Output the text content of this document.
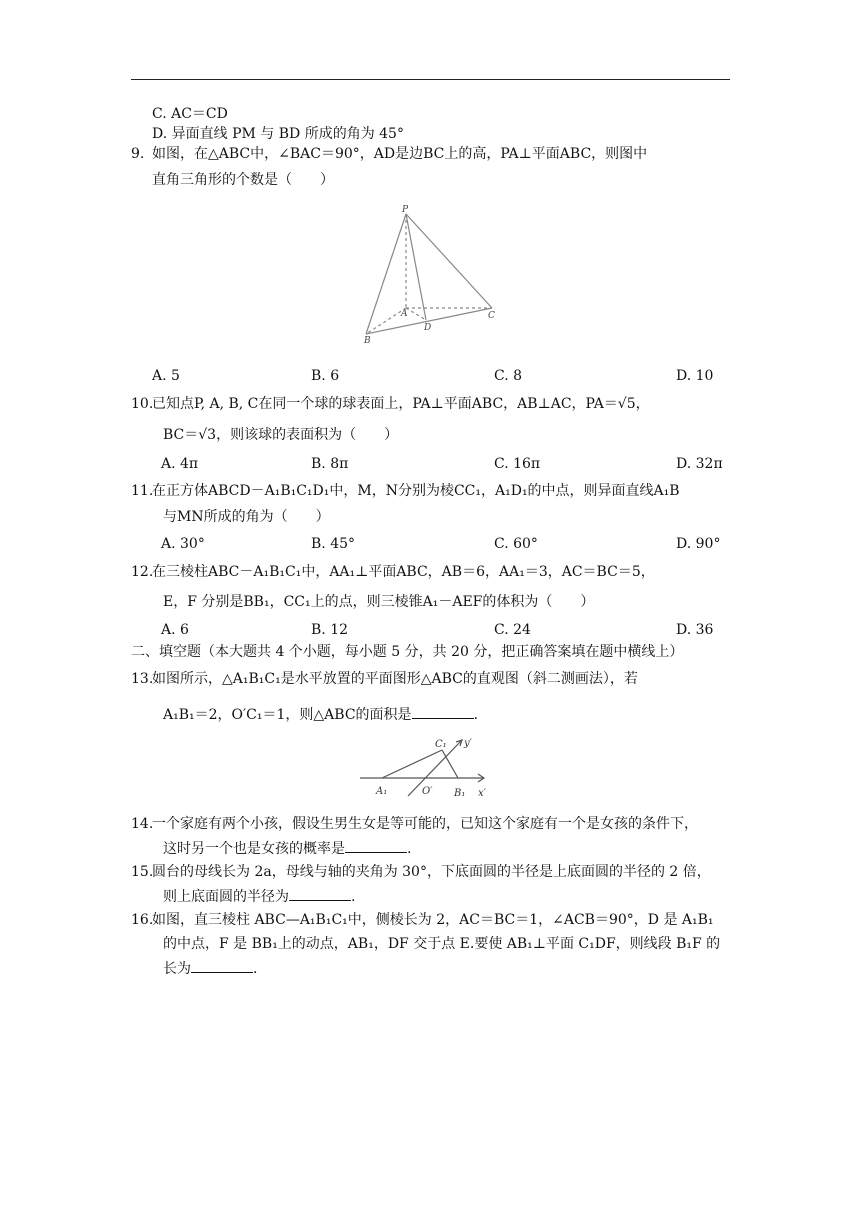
C. AC＝CD
D. 异面直线 PM 与 BD 所成的角为 45°
9. 如图，在△ABC中，∠BAC＝90°，AD是边BC上的高，PA⊥平面ABC，则图中
直角三角形的个数是（　　）
P
A
B
D
C
A. 5	B. 6	C. 8	D. 10
10.
已知点P, A, B, C在同一个球的球表面上，PA⊥平面ABC，AB⊥AC，PA＝√5，
BC＝√3，则该球的表面积为（　　）
A. 4π	B. 8π	C. 16π	D. 32π
11.
在正方体ABCD－A₁B₁C₁D₁中，M，N分别为棱CC₁，A₁D₁的中点，则异面直线A₁B
与MN所成的角为（　　）
A. 30°	B. 45°	C. 60°	D. 90°
12.
在三棱柱ABC－A₁B₁C₁中，AA₁⊥平面ABC，AB＝6，AA₁＝3，AC＝BC＝5，
E，F 分别是BB₁，CC₁上的点，则三棱锥A₁－AEF的体积为（　　）
A. 6	B. 12	C. 24	D. 36
二、填空题（本大题共 4 个小题，每小题 5 分，共 20 分，把正确答案填在题中横线上）
13.
如图所示，△A₁B₁C₁是水平放置的平面图形△ABC的直观图（斜二测画法），若
A₁B₁＝2，O′C₁＝1，则△ABC的面积是	.
C₁ y′
A₁	O′ B₁ x′
14.
一个家庭有两个小孩，假设生男生女是等可能的，已知这个家庭有一个是女孩的条件下，
这时另一个也是女孩的概率是	.
15.
圆台的母线长为 2a，母线与轴的夹角为 30°，下底面圆的半径是上底面圆的半径的 2 倍，
则上底面圆的半径为	.
16.
如图，直三棱柱 ABC—A₁B₁C₁中，侧棱长为 2，AC＝BC＝1，∠ACB＝90°，D 是 A₁B₁
的中点，F 是 BB₁上的动点，AB₁，DF 交于点 E.要使 AB₁⊥平面 C₁DF，则线段 B₁F 的
长为	.
